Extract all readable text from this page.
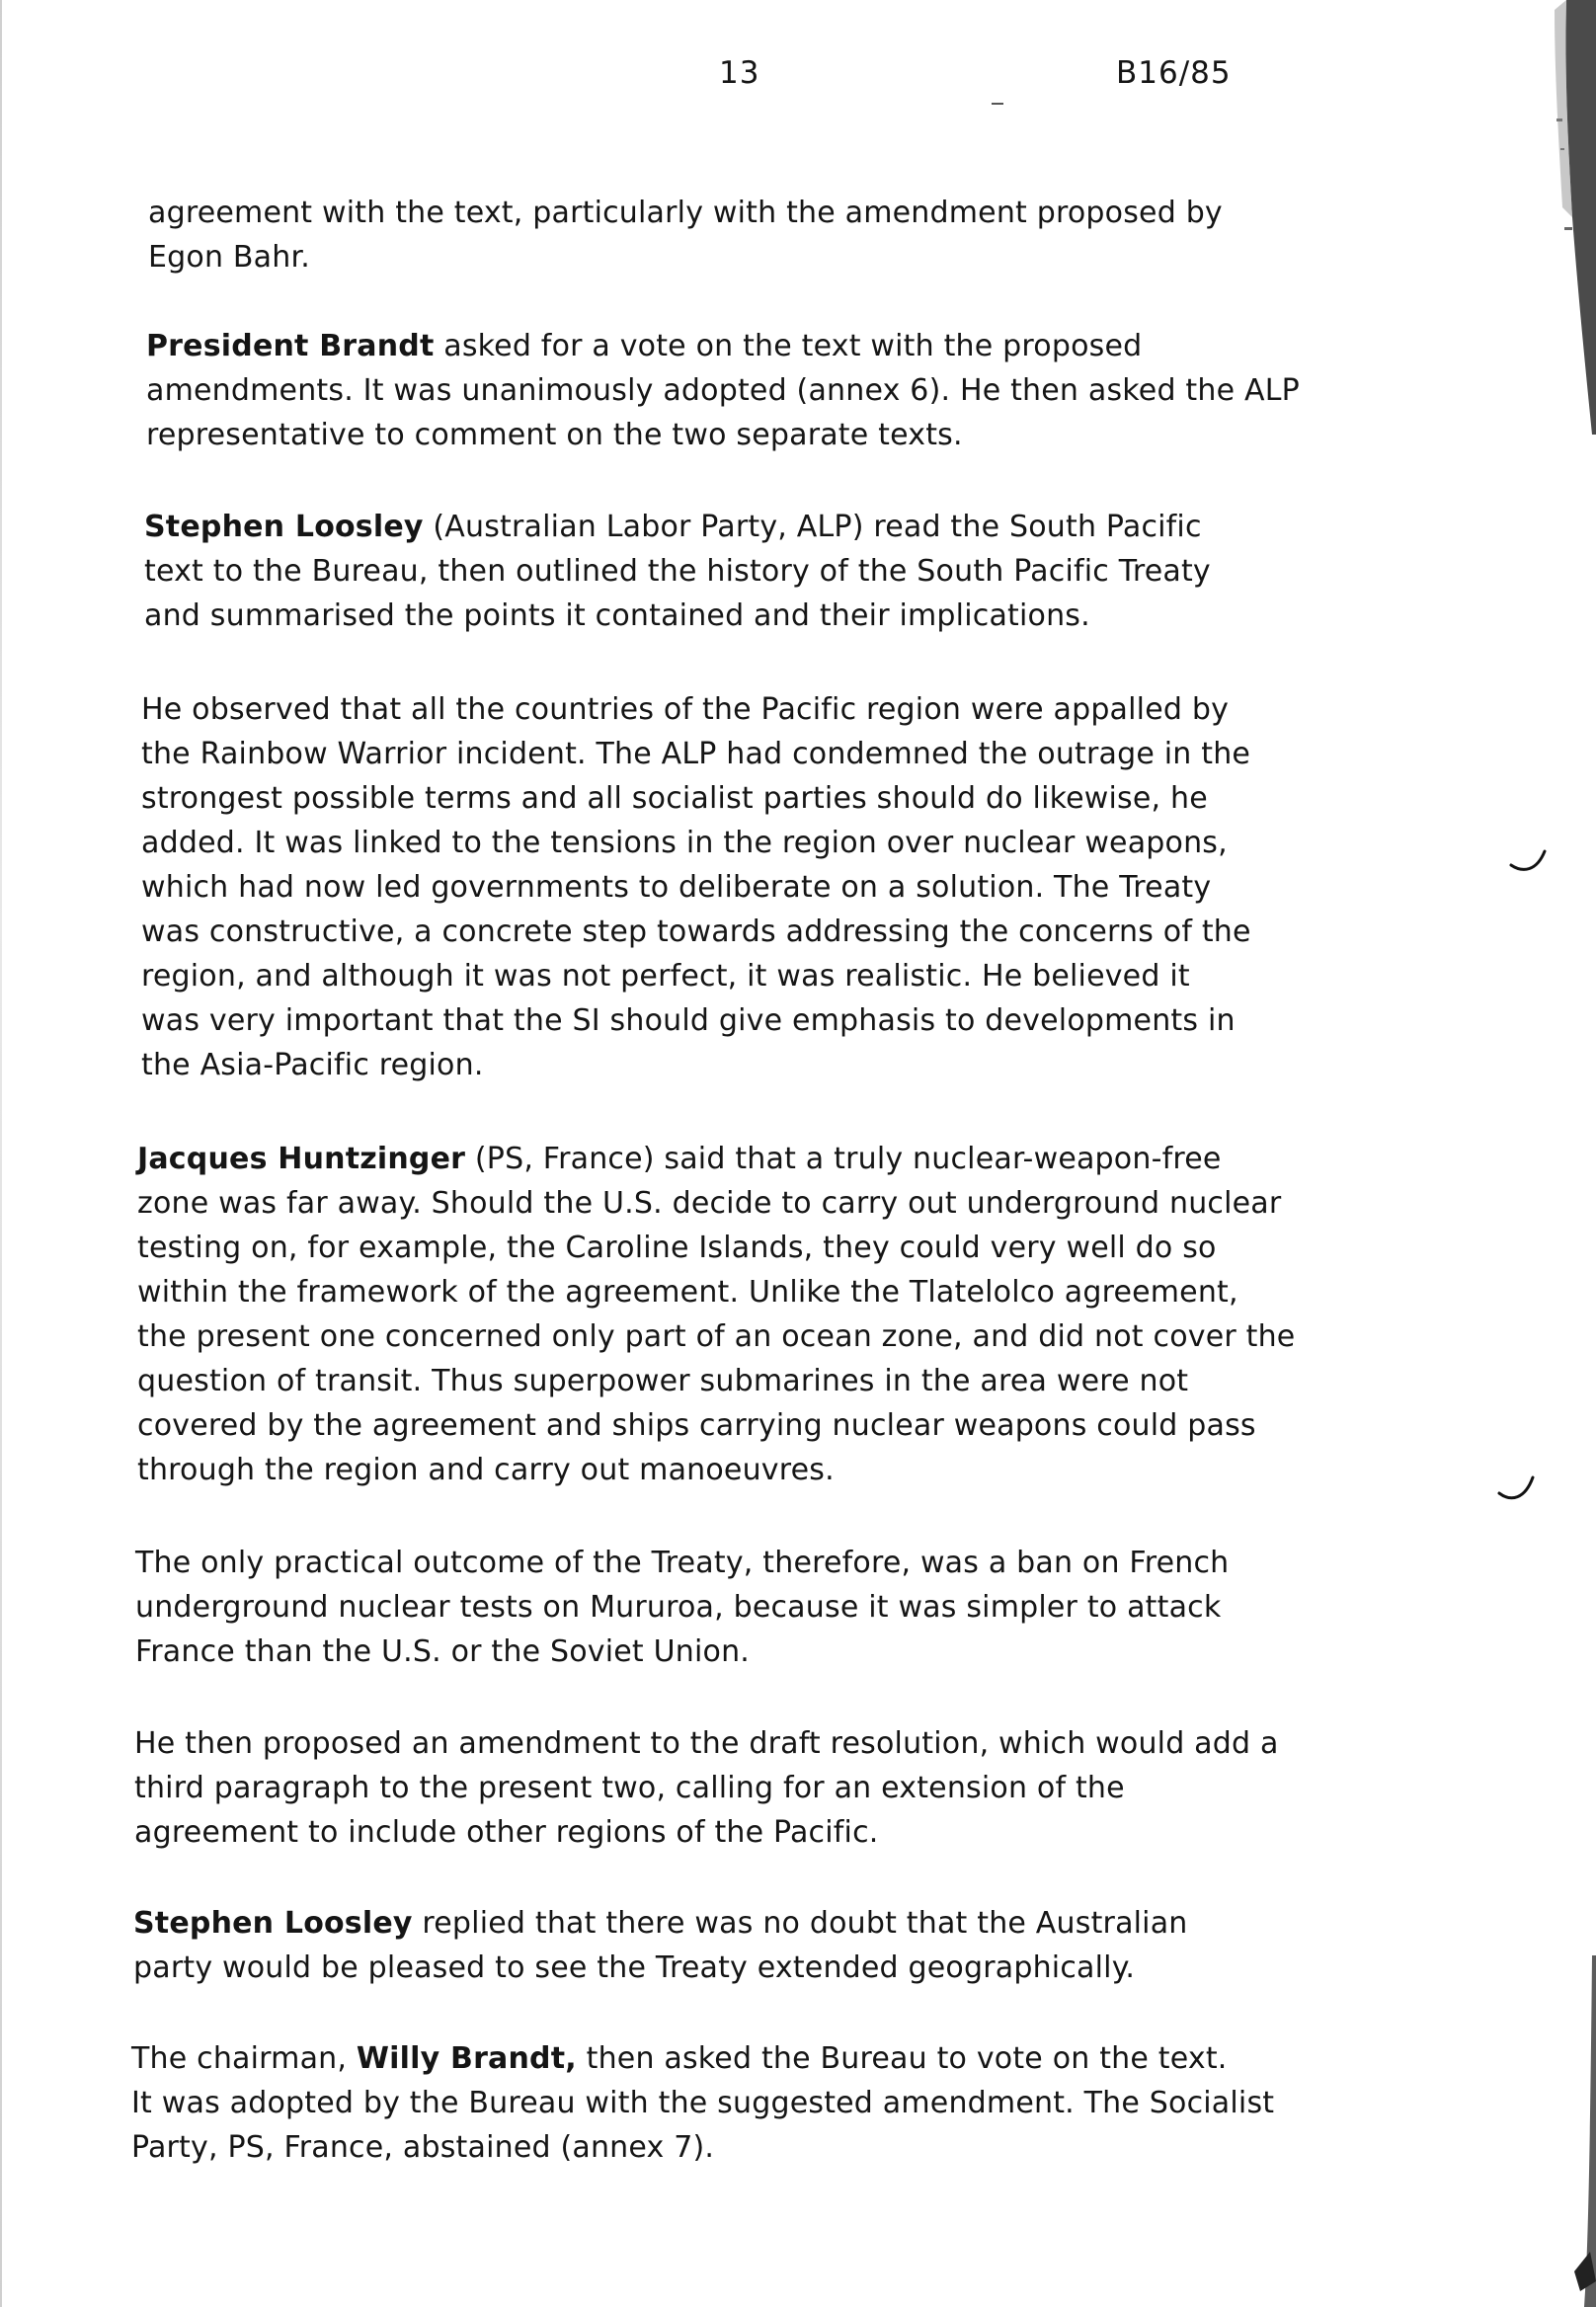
13	B16/85

agreement with the text, particularly with the amendment proposed by
Egon Bahr.

President Brandt asked for a vote on the text with the proposed
amendments. It was unanimously adopted (annex 6). He then asked the ALP
representative to comment on the two separate texts.

Stephen Loosley (Australian Labor Party, ALP) read the South Pacific
text to the Bureau, then outlined the history of the South Pacific Treaty
and summarised the points it contained and their implications.

He observed that all the countries of the Pacific region were appalled by
the Rainbow Warrior incident. The ALP had condemned the outrage in the
strongest possible terms and all socialist parties should do likewise, he
added. It was linked to the tensions in the region over nuclear weapons,
which had now led governments to deliberate on a solution. The Treaty
was constructive, a concrete step towards addressing the concerns of the
region, and although it was not perfect, it was realistic. He believed it
was very important that the SI should give emphasis to developments in
the Asia-Pacific region.

Jacques Huntzinger (PS, France) said that a truly nuclear-weapon-free
zone was far away. Should the U.S. decide to carry out underground nuclear
testing on, for example, the Caroline Islands, they could very well do so
within the framework of the agreement. Unlike the Tlatelolco agreement,
the present one concerned only part of an ocean zone, and did not cover the
question of transit. Thus superpower submarines in the area were not
covered by the agreement and ships carrying nuclear weapons could pass
through the region and carry out manoeuvres.

The only practical outcome of the Treaty, therefore, was a ban on French
underground nuclear tests on Mururoa, because it was simpler to attack
France than the U.S. or the Soviet Union.

He then proposed an amendment to the draft resolution, which would add a
third paragraph to the present two, calling for an extension of the
agreement to include other regions of the Pacific.

Stephen Loosley replied that there was no doubt that the Australian
party would be pleased to see the Treaty extended geographically.

The chairman, Willy Brandt, then asked the Bureau to vote on the text.
It was adopted by the Bureau with the suggested amendment. The Socialist
Party, PS, France, abstained (annex 7).
